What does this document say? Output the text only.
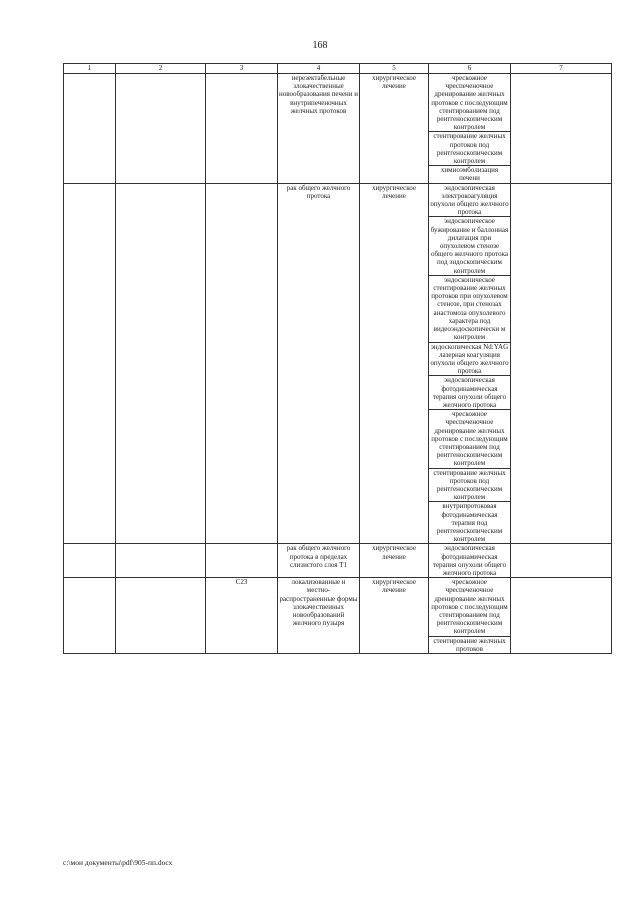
168
1	2	3	4	5	6	7
			нерезектабельные злокачественные новообразования печени и внутрипеченочных желчных протоков	хирургическое лечение	чрескожное чреспеченочное дренирование желчных протоков с последующим стентированием под рентгеноскопическим контролем	
					стентирование желчных протоков под рентгеноскопическим контролем	
					химиоэмболизация печени	
			рак общего желчного протока	хирургическое лечение	эндоскопическая электрокоагуляция опухоли общего желчного протока	
					эндоскопическое бужирование и баллонная дилатация при опухолевом стенозе общего желчного протока под эндоскопическим контролем	
					эндоскопическое стентирование желчных протоков при опухолевом стенозе, при стенозах анастомоза опухолевого характера под видеоэндоскопически м контролем	
					эндоскопическая Nd:YAG лазерная коагуляция опухоли общего желчного протока	
					эндоскопическая фотодинамическая терапия опухоли общего желчного протока	
					чрескожное чреспеченочное дренирование желчных протоков с последующим стентированием под рентгеноскопическим контролем	
					стентирование желчных протоков под рентгеноскопическим контролем	
					внутрипротоковая фотодинамическая терапия под рентгеноскопическим контролем	
			рак общего желчного протока в пределах слизистого слоя T1	хирургическое лечение	эндоскопическая фотодинамическая терапия опухоли общего желчного протока	
		C23	локализованные и местно-распространенные формы злокачественных новообразований желчного пузыря	хирургическое лечение	чрескожное чреспеченочное дренирование желчных протоков с последующим стентированием под рентгеноскопическим контролем	
					стентирование желчных протоков	
c:\мои документы\pdf\905-пп.docx
